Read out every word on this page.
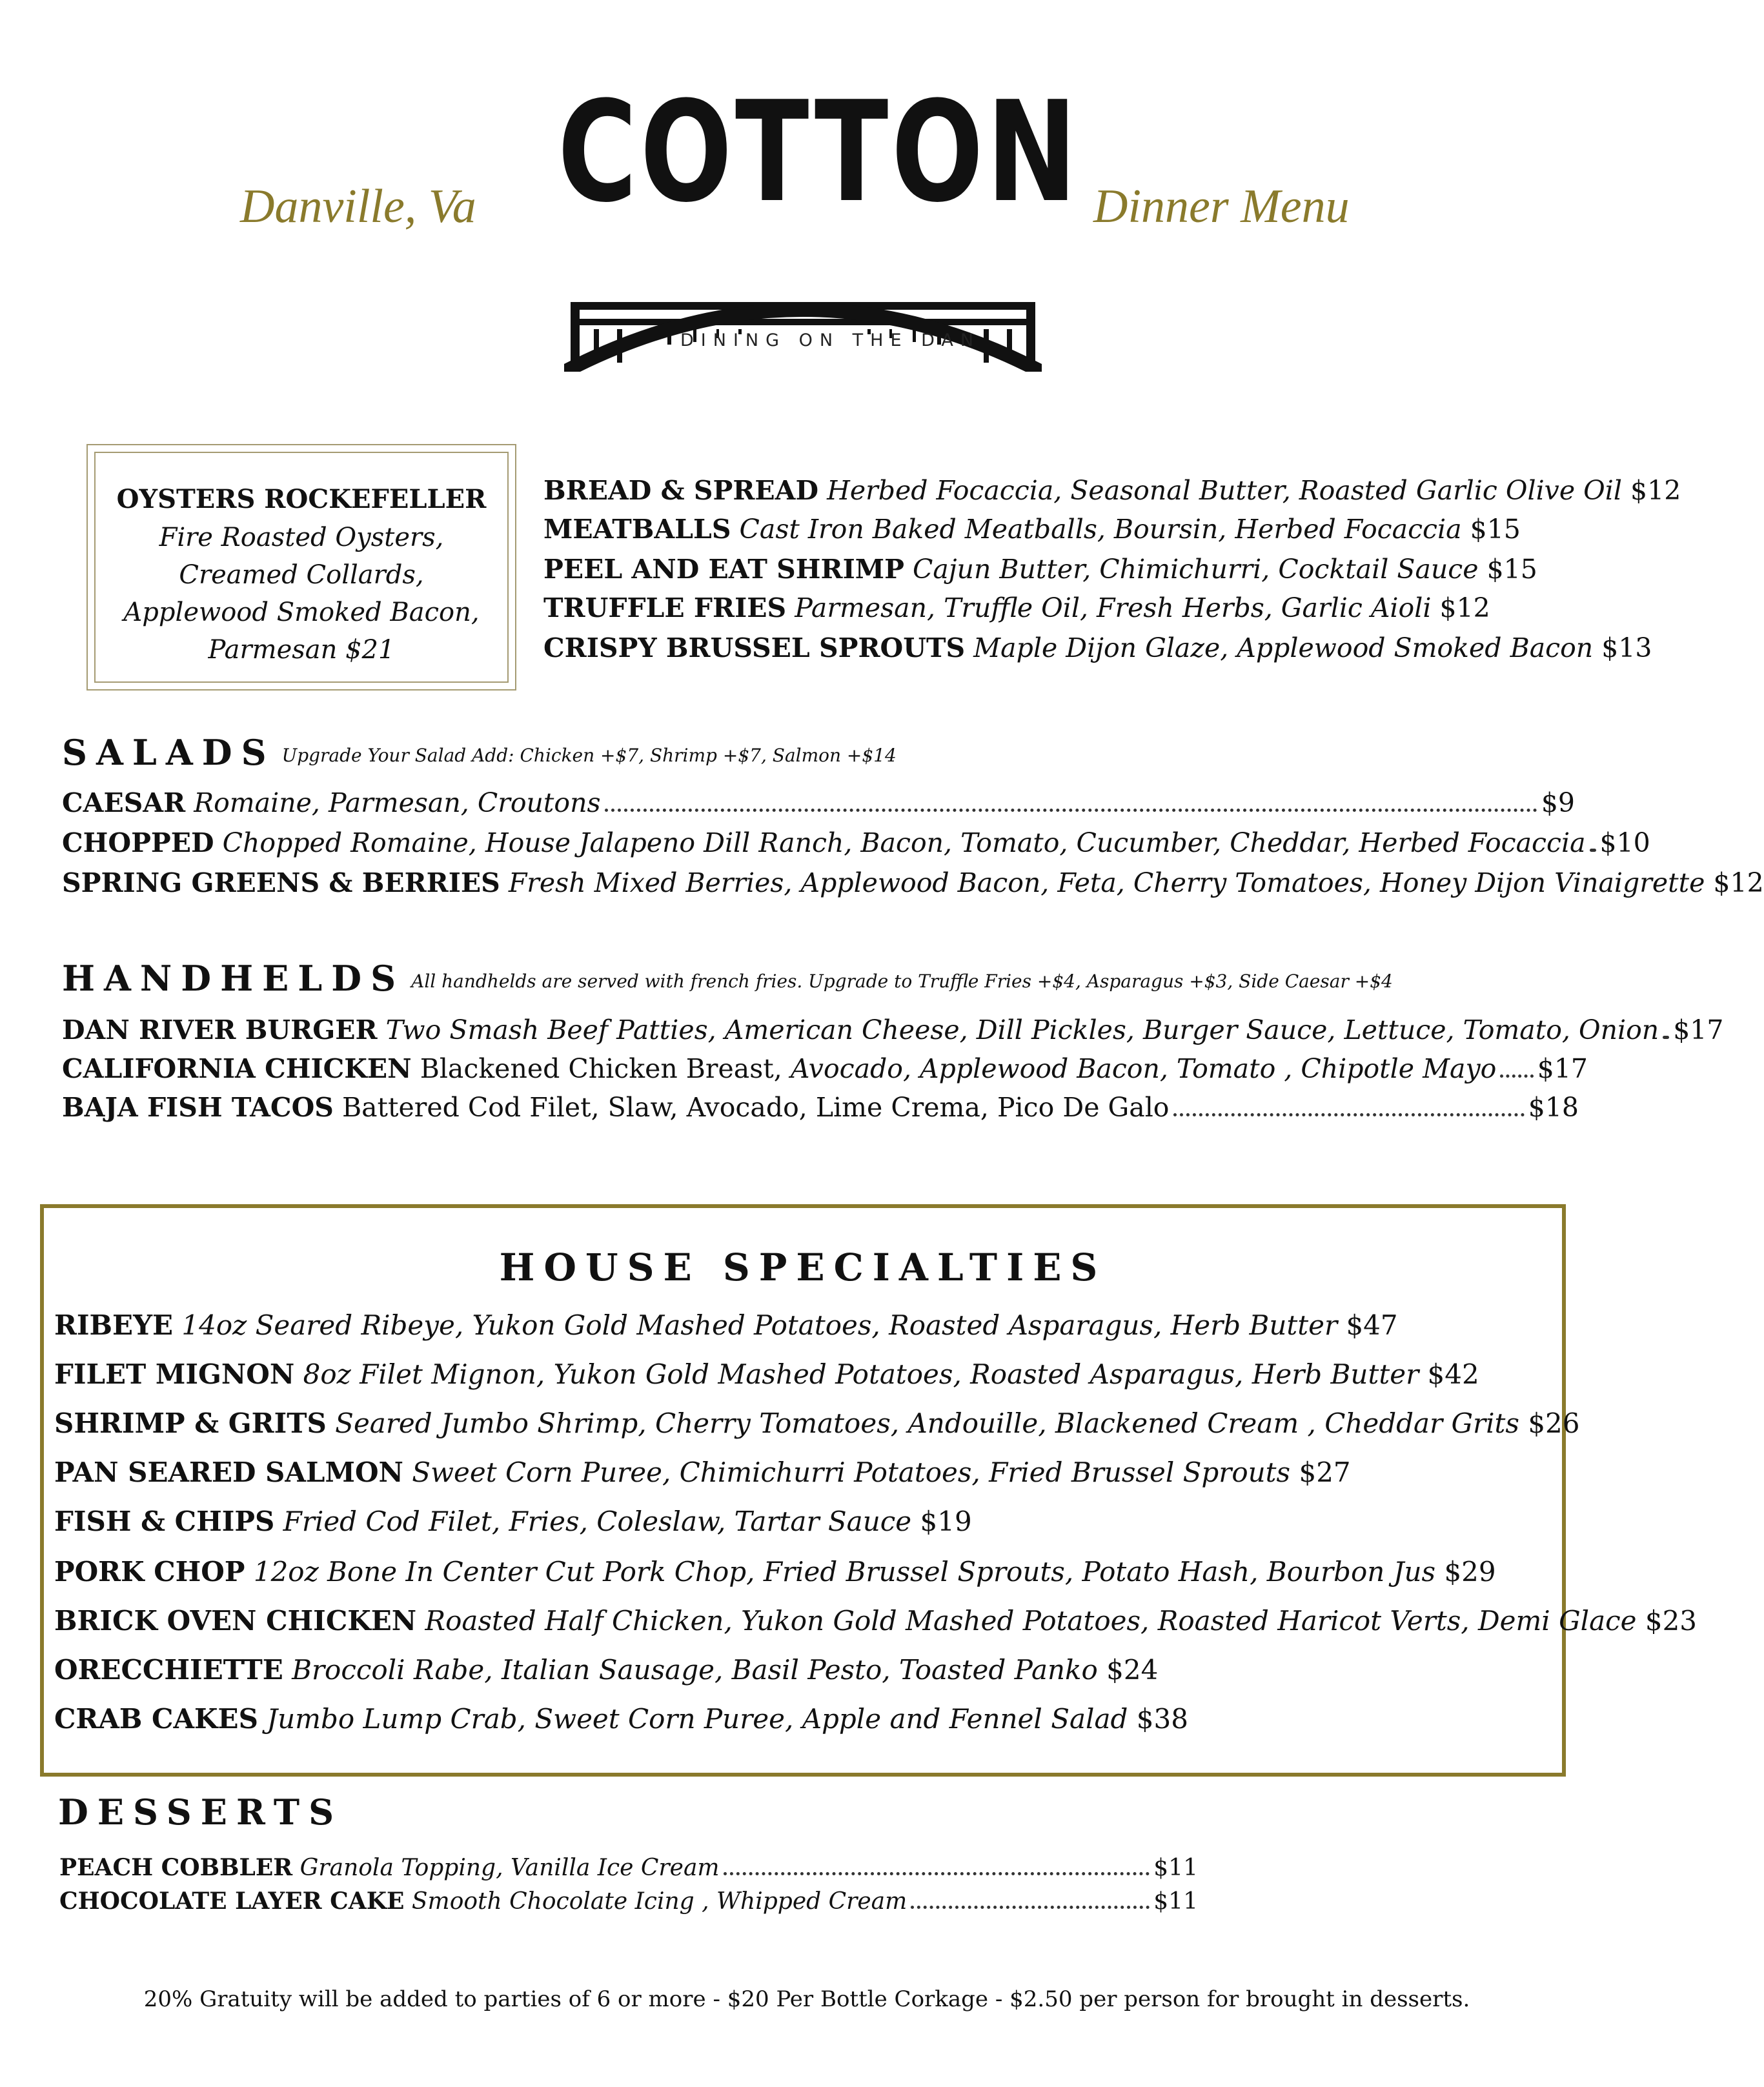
Danville, Va	Dinner Menu
COTTON
DINING ON THE DAN
OYSTERS ROCKEFELLER
Fire Roasted Oysters,
Creamed Collards,
Applewood Smoked Bacon,
Parmesan $21
BREAD & SPREAD Herbed Focaccia, Seasonal Butter, Roasted Garlic Olive Oil $12
MEATBALLS Cast Iron Baked Meatballs, Boursin, Herbed Focaccia $15
PEEL AND EAT SHRIMP Cajun Butter, Chimichurri, Cocktail Sauce $15
TRUFFLE FRIES Parmesan, Truffle Oil, Fresh Herbs, Garlic Aioli $12
CRISPY BRUSSEL SPROUTS Maple Dijon Glaze, Applewood Smoked Bacon $13
SALADS Upgrade Your Salad Add: Chicken +$7, Shrimp +$7, Salmon +$14
CAESAR
Romaine, Parmesan, Croutons	$9
CHOPPED
Chopped Romaine, House Jalapeno Dill Ranch, Bacon, Tomato, Cucumber, Cheddar, Herbed Focaccia $10
SPRING GREENS & BERRIES Fresh Mixed Berries, Applewood Bacon, Feta, Cherry Tomatoes, Honey Dijon Vinaigrette $12
HANDHELDS All handhelds are served with french fries. Upgrade to Truffle Fries +$4, Asparagus +$3, Side Caesar +$4
DAN RIVER BURGER
Two Smash Beef Patties, American Cheese, Dill Pickles, Burger Sauce, Lettuce, Tomato, Onion $17
CALIFORNIA CHICKEN
Blackened Chicken Breast,
Avocado, Applewood Bacon, Tomato , Chipotle Mayo $17
BAJA FISH TACOS
Battered Cod Filet, Slaw, Avocado, Lime Crema, Pico De Galo	$18
HOUSE SPECIALTIES
RIBEYE 14oz Seared Ribeye, Yukon Gold Mashed Potatoes, Roasted Asparagus, Herb Butter $47
FILET MIGNON 8oz Filet Mignon, Yukon Gold Mashed Potatoes, Roasted Asparagus, Herb Butter $42
SHRIMP & GRITS Seared Jumbo Shrimp, Cherry Tomatoes, Andouille, Blackened Cream , Cheddar Grits $26
PAN SEARED SALMON Sweet Corn Puree, Chimichurri Potatoes, Fried Brussel Sprouts $27
FISH & CHIPS Fried Cod Filet, Fries, Coleslaw, Tartar Sauce $19
PORK CHOP 12oz Bone In Center Cut Pork Chop, Fried Brussel Sprouts, Potato Hash, Bourbon Jus $29
BRICK OVEN CHICKEN Roasted Half Chicken, Yukon Gold Mashed Potatoes, Roasted Haricot Verts, Demi Glace $23
ORECCHIETTE Broccoli Rabe, Italian Sausage, Basil Pesto, Toasted Panko $24
CRAB CAKES Jumbo Lump Crab, Sweet Corn Puree, Apple and Fennel Salad $38
DESSERTS
PEACH COBBLER
Granola Topping, Vanilla Ice Cream	$11
CHOCOLATE LAYER CAKE
Smooth Chocolate Icing , Whipped Cream	$11
20% Gratuity will be added to parties of 6 or more - $20 Per Bottle Corkage - $2.50 per person for brought in desserts.
